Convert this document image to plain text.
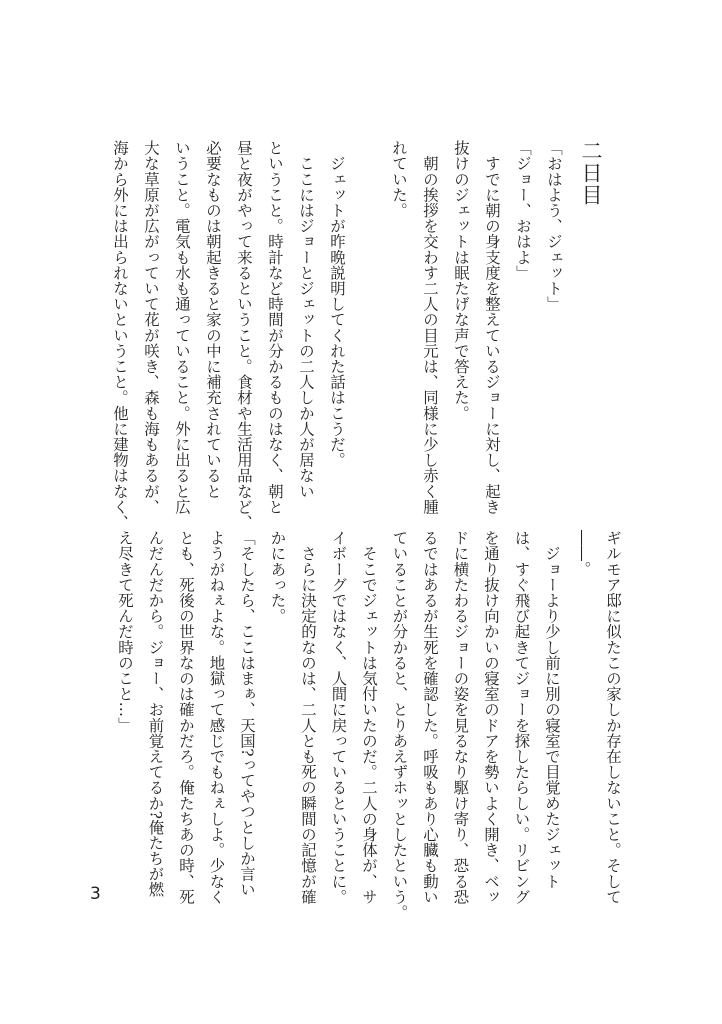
二日目
「おはよう、ジェット」
「ジョー、おはよ」
　すでに朝の身支度を整えているジョーに対し、起き
抜けのジェットは眠たげな声で答えた。
　朝の挨拶を交わす二人の目元は、同様に少し赤く腫
れていた。
　ジェットが昨晩説明してくれた話はこうだ。
　ここにはジョーとジェットの二人しか人が居ない
ということ。時計など時間が分かるものはなく、朝と
昼と夜がやって来るということ。食材や生活用品など、
必要なものは朝起きると家の中に補充されていると
いうこと。電気も水も通っていること。外に出ると広
大な草原が広がっていて花が咲き、森も海もあるが、
海から外には出られないということ。他に建物はなく、
ギルモア邸に似たこの家しか存在しないこと。そして
――。
　ジョーより少し前に別の寝室で目覚めたジェット
は、すぐ飛び起きてジョーを探したらしい。リビング
を通り抜け向かいの寝室のドアを勢いよく開き、ベッ
ドに横たわるジョーの姿を見るなり駆け寄り、恐る恐
るではあるが生死を確認した。呼吸もあり心臓も動い
ていることが分かると、とりあえずホッとしたという。
　そこでジェットは気付いたのだ。二人の身体が、サ
イボーグではなく、人間に戻っているということに。
　さらに決定的なのは、二人とも死の瞬間の記憶が確
かにあった。
「そしたら、ここはまぁ、天国?ってやつとしか言い
ようがねぇよな。地獄って感じでもねぇしよ。少なく
とも、死後の世界なのは確かだろ。俺たちあの時、死
んだんだから。ジョー、お前覚えてるか?俺たちが燃
え尽きて死んだ時のこと…」
3
